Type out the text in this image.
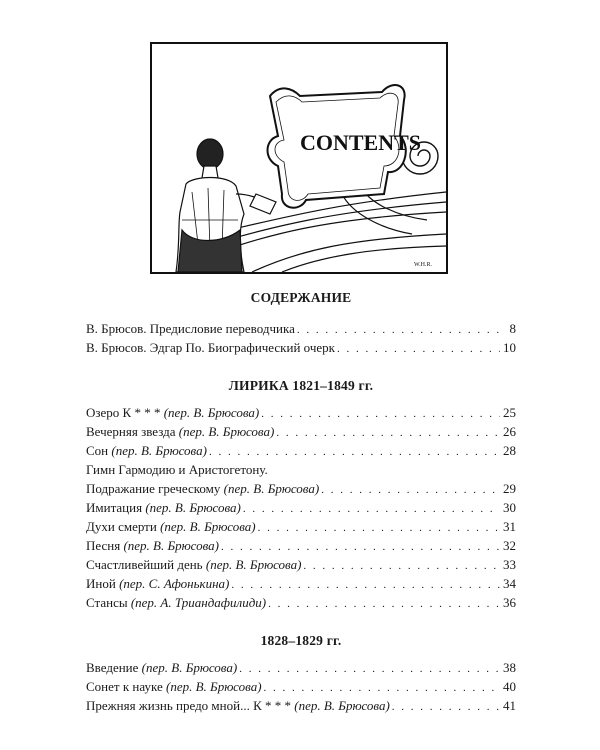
CONTENTS
W.H.R.
СОДЕРЖАНИЕ
В. Брюсов. Предисловие переводчика . . .	8
В. Брюсов. Эдгар По. Биографический очерк . . .	10
ЛИРИКА 1821–1849 гг.
Озеро К * * * (пер. В. Брюсова) . . .	25
Вечерняя звезда (пер. В. Брюсова) . . .	26
Сон (пер. В. Брюсова) . . .	28
Гимн Гармодию и Аристогетону.
Подражание греческому (пер. В. Брюсова) . . .	29
Имитация (пер. В. Брюсова) . . .	30
Духи смерти (пер. В. Брюсова) . . .	31
Песня (пер. В. Брюсова) . . .	32
Счастливейший день (пер. В. Брюсова) . . .	33
Иной (пер. С. Афонькина) . . .	34
Стансы (пер. А. Триандафилиди) . . .	36
1828–1829 гг.
Введение (пер. В. Брюсова) . . .	38
Сонет к науке (пер. В. Брюсова) . . .	40
Прежняя жизнь предо мной... К * * * (пер. В. Брюсова) . . .	41
